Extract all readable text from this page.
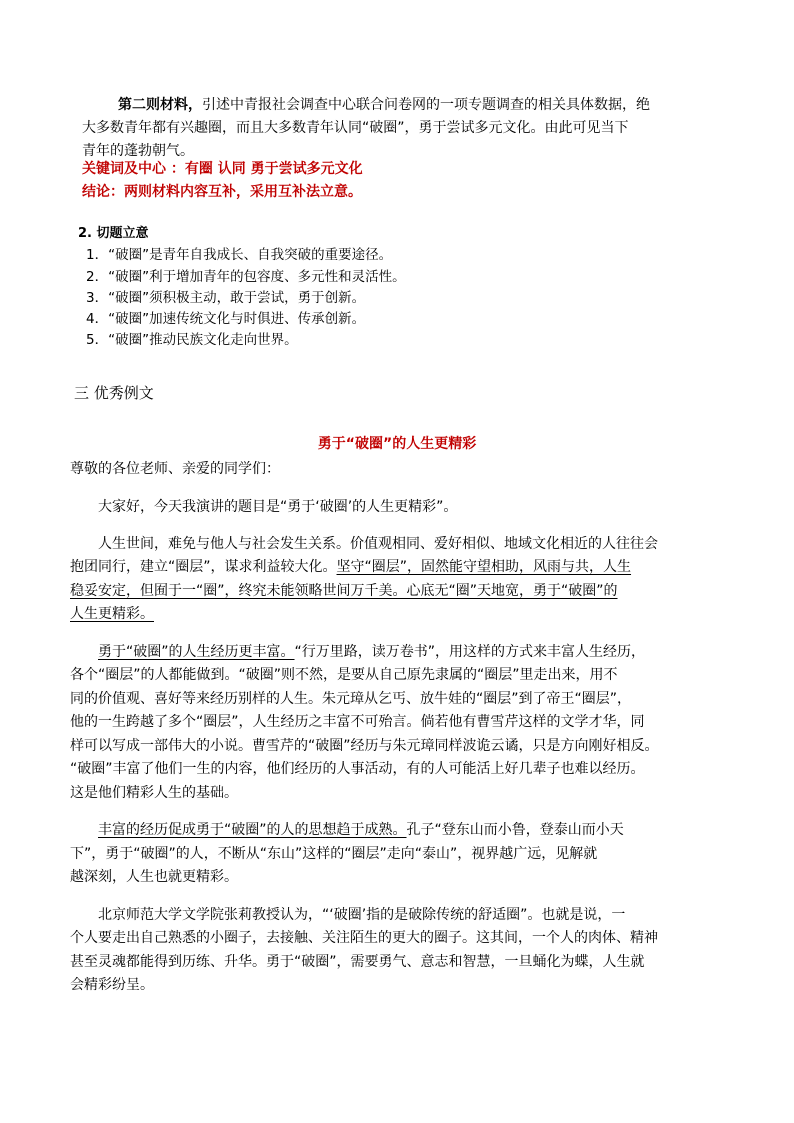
第二则材料，引述中青报社会调查中心联合问卷网的一项专题调查的相关具体数据，绝

大多数青年都有兴趣圈，而且大多数青年认同“破圈”，勇于尝试多元文化。由此可见当下

青年的蓬勃朝气。

关键词及中心 ：有圈 认同 勇于尝试多元文化

结论：两则材料内容互补，采用互补法立意。

2. 切题立意

1．“破圈”是青年自我成长、自我突破的重要途径。

2．“破圈”利于增加青年的包容度、多元性和灵活性。

3．“破圈”须积极主动，敢于尝试，勇于创新。

4．“破圈”加速传统文化与时俱进、传承创新。

5．“破圈”推动民族文化走向世界。

三 优秀例文

勇于“破圈”的人生更精彩

尊敬的各位老师、亲爱的同学们：

大家好，今天我演讲的题目是“勇于‘破圈’的人生更精彩”。

人生世间，难免与他人与社会发生关系。价值观相同、爱好相似、地域文化相近的人往往会

抱团同行，建立“圈层”，谋求利益较大化。坚守“圈层”，固然能守望相助，风雨与共，人生

稳妥安定，但囿于一“圈”，终究未能领略世间万千美。心底无“圈”天地宽，勇于“破圈”的

人生更精彩。

勇于“破圈”的人生经历更丰富。“行万里路，读万卷书”，用这样的方式来丰富人生经历，

各个“圈层”的人都能做到。“破圈”则不然，是要从自己原先隶属的“圈层”里走出来，用不

同的价值观、喜好等来经历别样的人生。朱元璋从乞丐、放牛娃的“圈层”到了帝王“圈层”，

他的一生跨越了多个“圈层”，人生经历之丰富不可殆言。倘若他有曹雪芹这样的文学才华，同

样可以写成一部伟大的小说。曹雪芹的“破圈”经历与朱元璋同样波诡云谲，只是方向刚好相反。

“破圈”丰富了他们一生的内容，他们经历的人事活动，有的人可能活上好几辈子也难以经历。

这是他们精彩人生的基础。

丰富的经历促成勇于“破圈”的人的思想趋于成熟。孔子“登东山而小鲁，登泰山而小天

下”，勇于“破圈”的人，不断从“东山”这样的“圈层”走向“泰山”，视界越广远，见解就

越深刻，人生也就更精彩。

北京师范大学文学院张莉教授认为，“‘破圈’指的是破除传统的舒适圈”。也就是说，一

个人要走出自己熟悉的小圈子，去接触、关注陌生的更大的圈子。这其间，一个人的肉体、精神

甚至灵魂都能得到历练、升华。勇于“破圈”，需要勇气、意志和智慧，一旦蛹化为蝶，人生就

会精彩纷呈。
